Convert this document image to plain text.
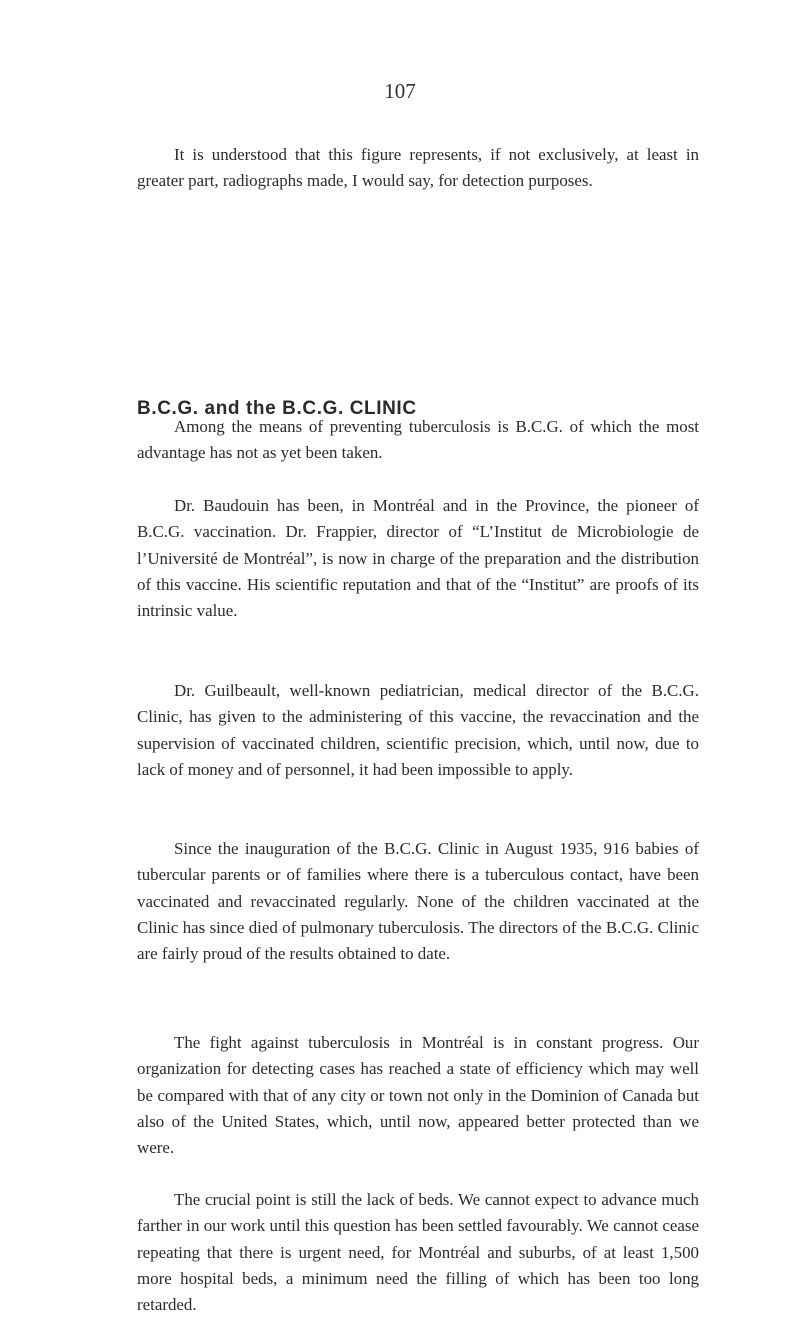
107

It is understood that this figure represents, if not exclusively, at least in greater part, radiographs made, I would say, for detection purposes.

B.C.G. and the B.C.G. CLINIC

Among the means of preventing tuberculosis is B.C.G. of which the most advantage has not as yet been taken.

Dr. Baudouin has been, in Montréal and in the Province, the pioneer of B.C.G. vaccination. Dr. Frappier, director of “L’Institut de Microbiologie de l’Université de Montréal”, is now in charge of the preparation and the distribution of this vaccine. His scientific reputation and that of the “Institut” are proofs of its intrinsic value.

Dr. Guilbeault, well-known pediatrician, medical director of the B.C.G. Clinic, has given to the administering of this vaccine, the revaccination and the supervision of vaccinated children, scientific precision, which, until now, due to lack of money and of personnel, it had been impossible to apply.

Since the inauguration of the B.C.G. Clinic in August 1935, 916 babies of tubercular parents or of families where there is a tuberculous contact, have been vaccinated and revaccinated regularly. None of the children vaccinated at the Clinic has since died of pulmonary tuberculosis. The directors of the B.C.G. Clinic are fairly proud of the results obtained to date.

The fight against tuberculosis in Montréal is in constant progress. Our organization for detecting cases has reached a state of efficiency which may well be compared with that of any city or town not only in the Dominion of Canada but also of the United States, which, until now, appeared better protected than we were.

The crucial point is still the lack of beds. We cannot expect to advance much farther in our work until this question has been settled favourably. We cannot cease repeating that there is urgent need, for Montréal and suburbs, of at least 1,500 more hospital beds, a minimum need the filling of which has been too long retarded.
